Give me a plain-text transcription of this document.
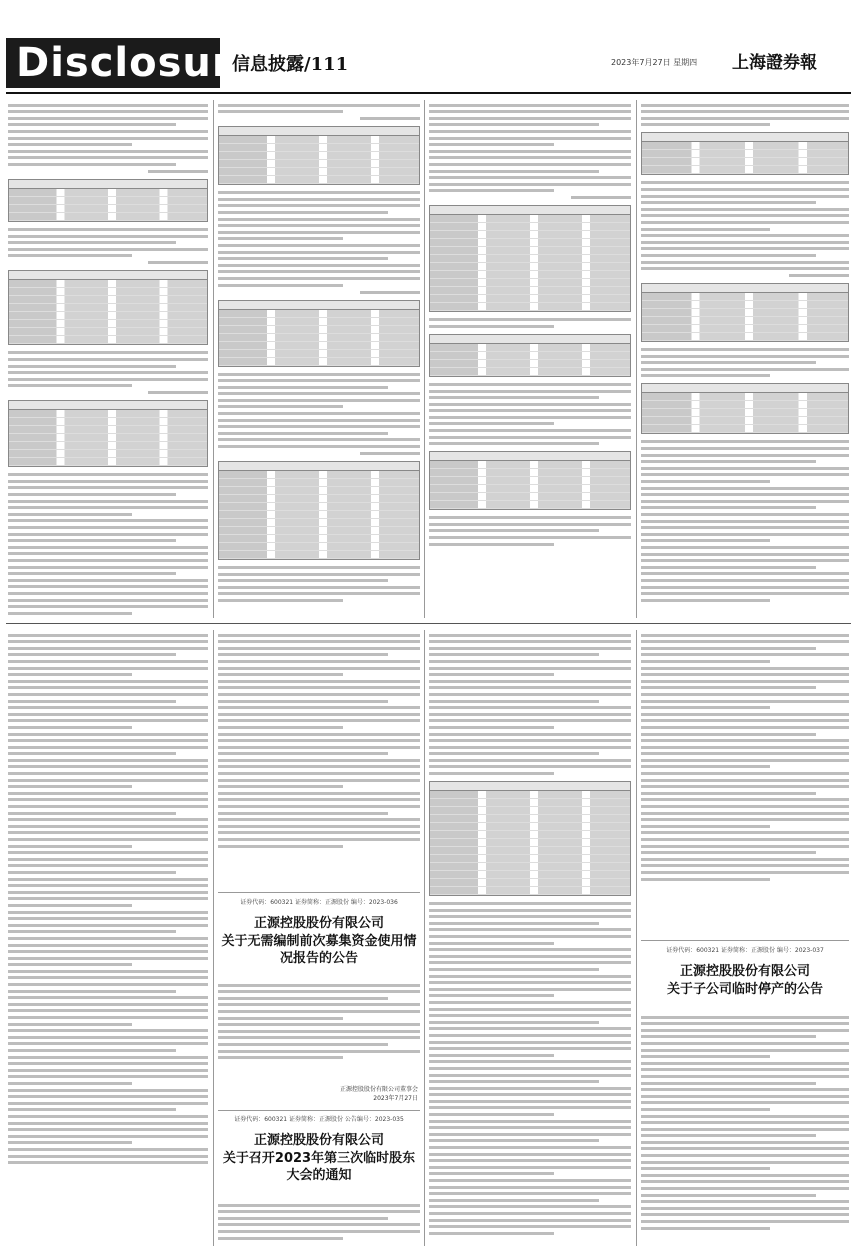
Disclosure
信息披露/111	2023年7月27日 星期四 上海證券報
证券代码：600321 证券简称：正源股份 编号：2023-036
正源控股股份有限公司
关于无需编制前次募集资金使用情况报告的公告
正源控股股份有限公司董事会
2023年7月27日
证券代码：600321 证券简称：正源股份 公告编号：2023-035
正源控股股份有限公司
关于召开2023年第三次临时股东大会的通知
证券代码：600321 证券简称：正源股份 编号：2023-037
正源控股股份有限公司
关于子公司临时停产的公告
